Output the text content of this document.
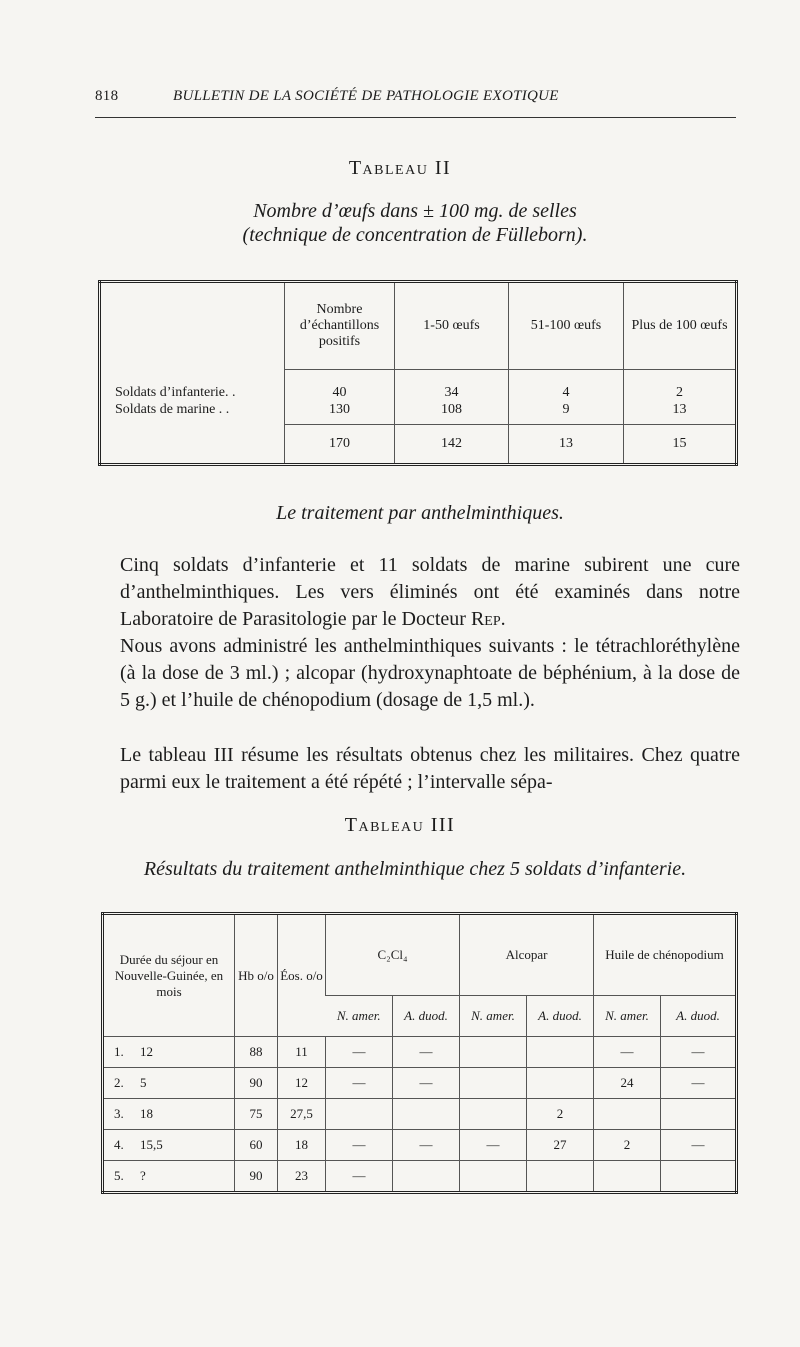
818	BULLETIN DE LA SOCIÉTÉ DE PATHOLOGIE EXOTIQUE
Tableau II
Nombre d’œufs dans ± 100 mg. de selles
(technique de concentration de Fülleborn).
	Nombre d’échantillons positifs	1-50 œufs	51-100 œufs	Plus de 100 œufs
Soldats d’infanterie. .	40	34	4	2
Soldats de marine . .	130	108	9	13
	170	142	13	15
Le traitement par anthelminthiques.
Cinq soldats d’infanterie et 11 soldats de marine subirent une cure d’anthelminthiques. Les vers éliminés ont été examinés dans notre Laboratoire de Parasitologie par le Docteur Rep.
Nous avons administré les anthelminthiques suivants : le tétrachloréthylène (à la dose de 3 ml.) ; alcopar (hydroxynaphtoate de béphénium, à la dose de 5 g.) et l’huile de chénopodium (dosage de 1,5 ml.).
Le tableau III résume les résultats obtenus chez les militaires. Chez quatre parmi eux le traitement a été répété ; l’intervalle sépa-
Tableau III
Résultats du traitement anthelminthique chez 5 soldats d’infanterie.
Durée du séjour en Nouvelle-Guinée, en mois	Hb o/o	Éos. o/o	C₂Cl₄		Alcopar		Huile de chénopodium	
			N. amer.	A. duod.	N. amer.	A. duod.	N. amer.	A. duod.
1. 12	88	11	—	—			—	—
2. 5	90	12	—	—			24	—
3. 18	75	27,5				2		
4. 15,5	60	18	—	—	—	27	2	—
5. ?	90	23	—					
